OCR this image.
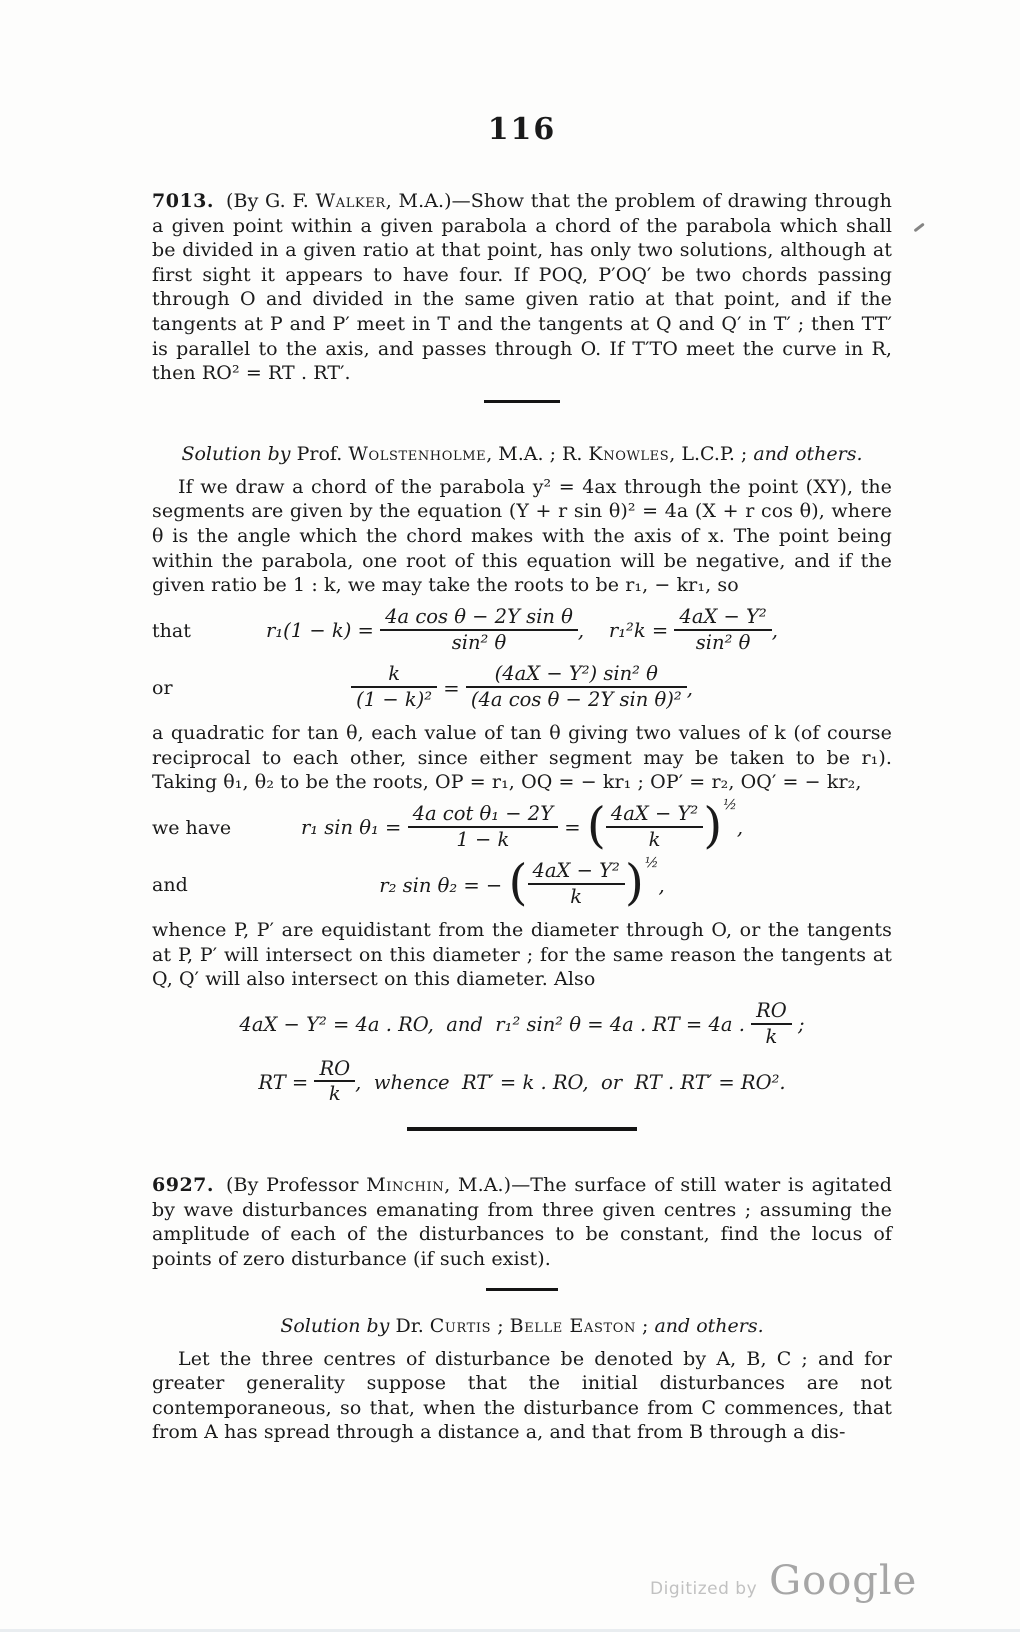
116

7013. (By G. F. Walker, M.A.)—Show that the problem of drawing through a given point within a given parabola a chord of the parabola which shall be divided in a given ratio at that point, has only two solutions, although at first sight it appears to have four. If POQ, P′OQ′ be two chords passing through O and divided in the same given ratio at that point, and if the tangents at P and P′ meet in T and the tangents at Q and Q′ in T′ ; then TT′ is parallel to the axis, and passes through O. If T′TO meet the curve in R, then RO² = RT . RT′.

Solution by Prof. Wolstenholme, M.A. ; R. Knowles, L.C.P. ; and others.

If we draw a chord of the parabola y² = 4ax through the point (XY), the segments are given by the equation (Y + r sin θ)² = 4a (X + r cos θ), where θ is the angle which the chord makes with the axis of x. The point being within the parabola, one root of this equation will be negative, and if the given ratio be 1 : k, we may take the roots to be r₁, − kr₁, so

that	$r_1(1 - k) = \frac{\text{4a cos θ − 2Y sin θ}}{\text{sin² θ}}$ ,    $r_1^2k = \frac{\text{4aX − Y²}}{\text{sin² θ}}$ ,
or	$\frac{k}{\text{(1 − k)²}} = \frac{\text{(4aX − Y²) sin² θ}}{\text{(4a cos θ − 2Y sin θ)²}}$ ,

a quadratic for tan θ, each value of tan θ giving two values of k (of course reciprocal to each other, since either segment may be taken to be r₁). Taking θ₁, θ₂ to be the roots, OP = r₁, OQ = − kr₁ ; OP′ = r₂, OQ′ = − kr₂,

we have	r₁ $\sin \theta_1 = \frac{\text{4a cot θ₁ − 2Y}}{1 - k}$ = ( $\frac{\text{4aX − Y²}}{k} )^{\frac{1}{2}}$,
and	r₂ sin θ₂ = − ( $\frac{\text{4aX − Y²}}{k} )^{\frac{1}{2}}$,

whence P, P′ are equidistant from the diameter through O, or the tangents at P, P′ will intersect on this diameter ; for the same reason the tangents at Q, Q′ will also intersect on this diameter. Also

4aX − Y² = 4a . RO,  and  r₁² sin² θ = 4a . RT = 4a . $\frac{RO}{k}$ ;
RT = $\frac{RO}{k}$ ,  whence  RT′ = k . RO,  or  RT . RT′ = RO².

6927. (By Professor Minchin, M.A.)—The surface of still water is agitated by wave disturbances emanating from three given centres ; assuming the amplitude of each of the disturbances to be constant, find the locus of points of zero disturbance (if such exist).

Solution by Dr. Curtis ; Belle Easton ; and others.

Let the three centres of disturbance be denoted by A, B, C ; and for greater generality suppose that the initial disturbances are not contemporaneous, so that, when the disturbance from C commences, that from A has spread through a distance a, and that from B through a dis-

Digitized by Google
